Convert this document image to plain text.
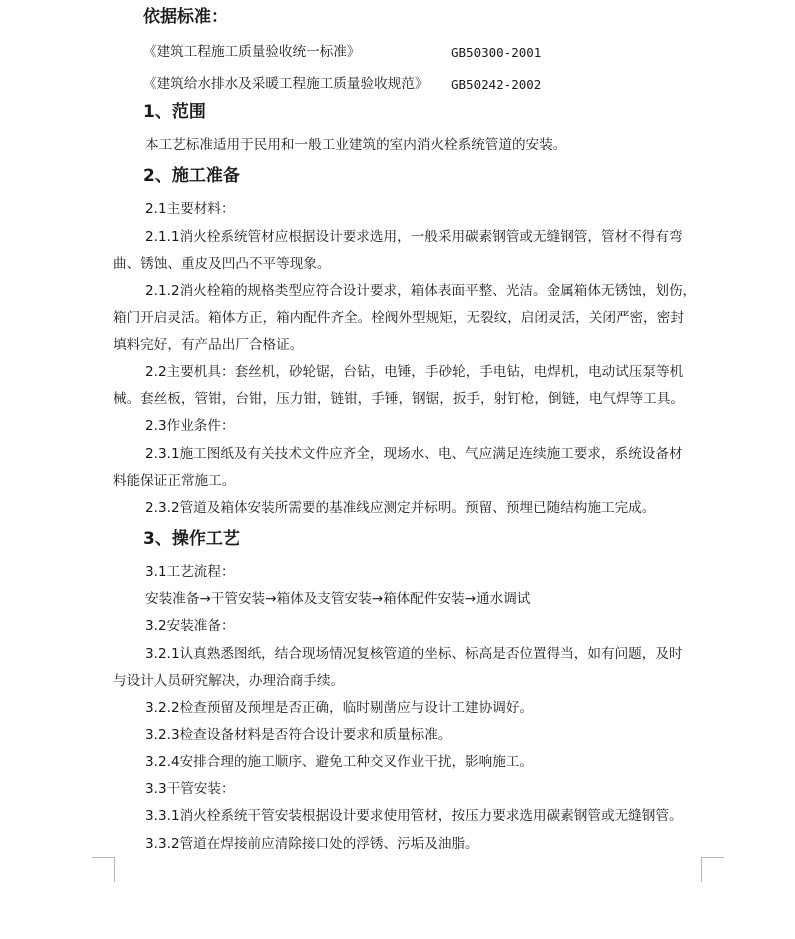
依据标准：
《建筑工程施工质量验收统一标准》	GB50300-2001
《建筑给水排水及采暖工程施工质量验收规范》 GB50242-2002
1、范围
本工艺标准适用于民用和一般工业建筑的室内消火栓系统管道的安装。
2、施工准备
2.1主要材料：
2.1.1消火栓系统管材应根据设计要求选用，一般采用碳素钢管或无缝钢管，管材不得有弯
曲、锈蚀、重皮及凹凸不平等现象。
2.1.2消火栓箱的规格类型应符合设计要求，箱体表面平整、光洁。金属箱体无锈蚀，划伤，
箱门开启灵活。箱体方正，箱内配件齐全。栓阀外型规矩，无裂纹，启闭灵活，关闭严密，密封
填料完好，有产品出厂合格证。
2.2主要机具：套丝机，砂轮锯，台钻，电锤，手砂轮，手电钻，电焊机，电动试压泵等机
械。套丝板，管钳，台钳，压力钳，链钳，手锤，钢锯，扳手，射钉枪，倒链，电气焊等工具。
2.3作业条件：
2.3.1施工图纸及有关技术文件应齐全，现场水、电、气应满足连续施工要求，系统设备材
料能保证正常施工。
2.3.2管道及箱体安装所需要的基准线应测定并标明。预留、预埋已随结构施工完成。
3、操作工艺
3.1工艺流程：
安装准备→干管安装→箱体及支管安装→箱体配件安装→通水调试
3.2安装准备：
3.2.1认真熟悉图纸，结合现场情况复核管道的坐标、标高是否位置得当，如有问题，及时
与设计人员研究解决，办理洽商手续。
3.2.2检查预留及预埋是否正确，临时剔凿应与设计工建协调好。
3.2.3检查设备材料是否符合设计要求和质量标准。
3.2.4安排合理的施工顺序、避免工种交叉作业干扰，影响施工。
3.3干管安装：
3.3.1消火栓系统干管安装根据设计要求使用管材，按压力要求选用碳素钢管或无缝钢管。
3.3.2管道在焊接前应清除接口处的浮锈、污垢及油脂。
